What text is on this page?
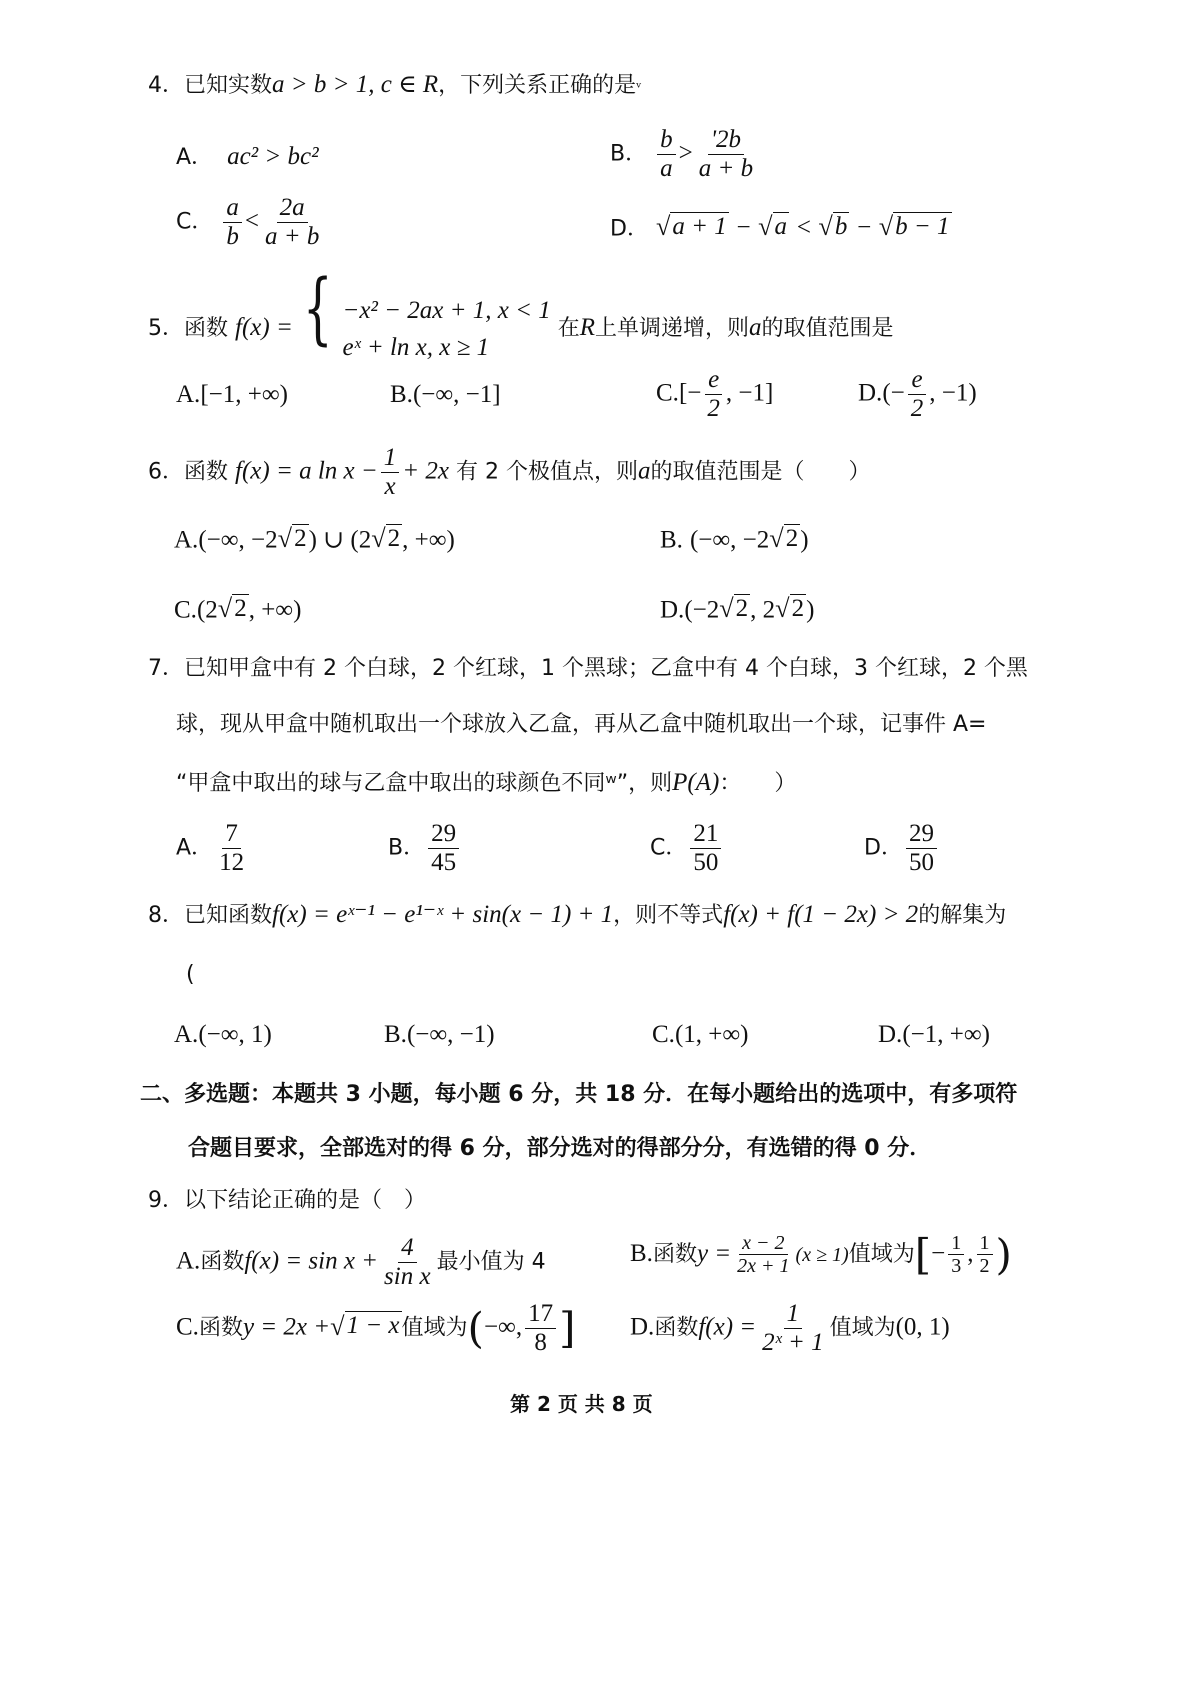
4．已知实数a > b > 1, c ∈ R，下列关系正确的是ᵛ
A． ac² > bc²	B． $\frac{b}{a} > \frac{'2b}{a + b}$
C． $\frac{a}{b} < \frac{2a}{a + b}$	D． √ a + 1 − √ a < √ b − √ b − 1
5．函数 f(x) = { −x² − 2ax + 1, x < 1
eˣ + ln x, x ≥ 1
在R上单调递增，则a的取值范围是
A.[−1, +∞)	B.(−∞, −1]	$C.[- \frac{e}{2}$ , −1]	$D.(- \frac{e}{2}$ , −1)
6．函数 f(x) = a $\ln x - \frac{1}{x} + 2x$ 有 2 个极值点，则a的取值范围是（　　）
A.(−∞, −2 √ 2 ) ∪ (2 √ 2 , +∞)	B. (−∞, −2 √ 2 )
C.(2 √ 2 , +∞)	D.(−2 √ 2 , 2 √ 2 )
7．已知甲盒中有 2 个白球，2 个红球，1 个黑球；乙盒中有 4 个白球，3 个红球，2 个黑
球，现从甲盒中随机取出一个球放入乙盒，再从乙盒中随机取出一个球，记事件 A=
“甲盒中取出的球与乙盒中取出的球颜色不同ʷ”，则P(A)：　　）
A． $\frac{7}{12}$	B． $\frac{29}{45}$	C． $\frac{21}{50}$	D． $\frac{29}{50}$
8．已知函数f(x) = eˣ⁻¹ − e¹⁻ˣ + sin(x − 1) + 1，则不等式f(x) + f(1 − 2x) > 2的解集为
(
A.(−∞, 1)	B.(−∞, −1)	C.(1, +∞)	D.(−1, +∞)
二、多选题：本题共 3 小题，每小题 6 分，共 18 分．在每小题给出的选项中，有多项符
合题目要求，全部选对的得 6 分，部分选对的得部分分，有选错的得 0 分．
9．以下结论正确的是（　）
A.函数$f(x) = \sin x + \frac{4}{\text{sin x}}$ 最小值为 4	B.函数$y = \frac{x - 2}{2x + 1} (x \ge 1)$值域为[− $\frac{1}{3}$ , $\frac{1}{2}$ )
C.函数y = 2x + √ 1 − x 值域为(−∞, $\frac{17}{8}$ ] D.函数$f(x) = \frac{1}{\text{2ˣ + 1}}$ 值域为(0, 1)
第 2 页 共 8 页
